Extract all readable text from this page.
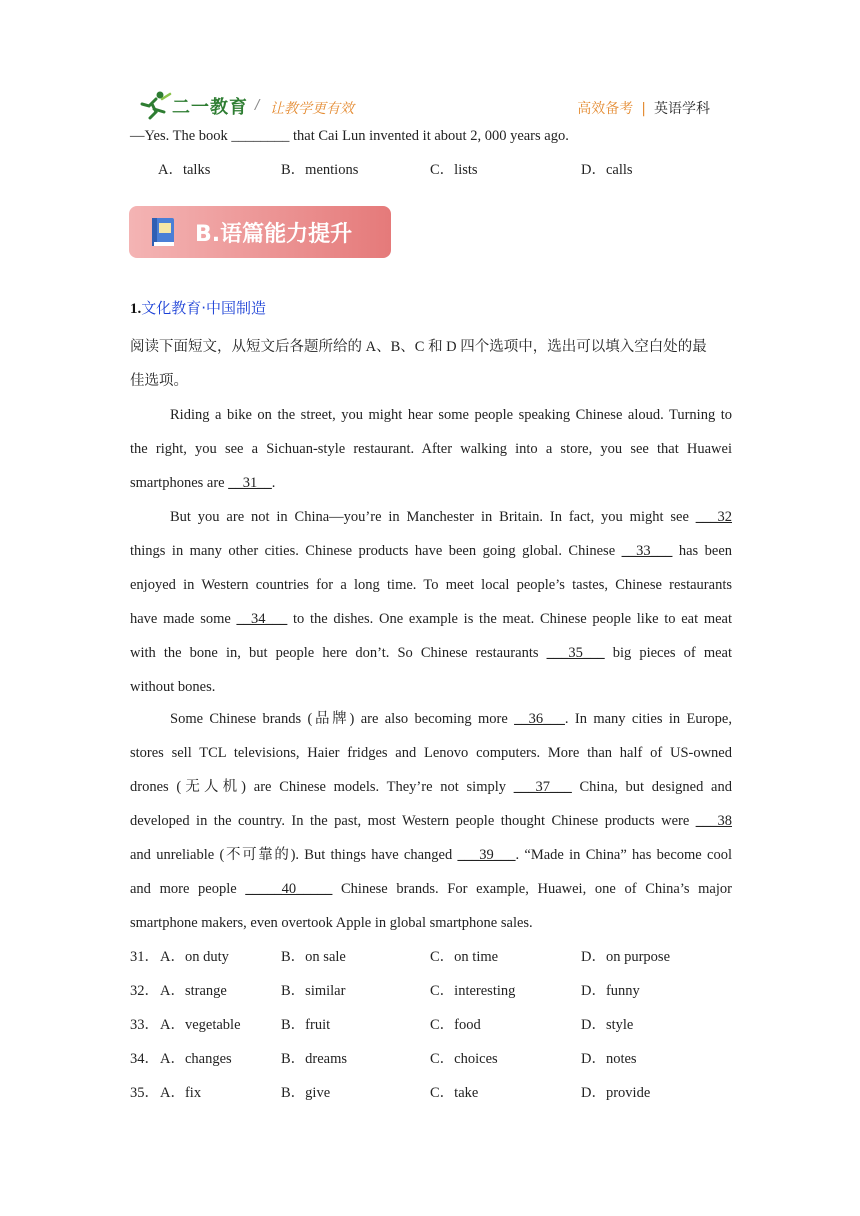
二一教育 / 让教学更有效	高效备考 | 英语学科
—Yes. The book ________ that Cai Lun invented it about 2, 000 years ago.
A．talks	B．mentions	C．lists	D．calls
B.语篇能力提升
1.文化教育·中国制造
阅读下面短文，从短文后各题所给的 A、B、C 和 D 四个选项中，选出可以填入空白处的最
佳选项。
Riding a bike on the street, you might hear some people speaking Chinese aloud. Turning to
the right, you see a Sichuan-style restaurant. After walking into a store, you see that Huawei
smartphones are __31__.
But you are not in China—you’re in Manchester in Britain. In fact, you might see ___32
things in many other cities. Chinese products have been going global. Chinese __33___ has been
enjoyed in Western countries for a long time. To meet local people’s tastes, Chinese restaurants
have made some __34___ to the dishes. One example is the meat. Chinese people like to eat meat
with the bone in, but people here don’t. So Chinese restaurants ___35___ big pieces of meat
without bones.
Some Chinese brands (品牌) are also becoming more __36___. In many cities in Europe,
stores sell TCL televisions, Haier fridges and Lenovo computers. More than half of US-owned
drones (无人机) are Chinese models. They’re not simply ___37___ China, but designed and
developed in the country. In the past, most Western people thought Chinese products were ___38
and unreliable (不可靠的). But things have changed ___39___. “Made in China” has become cool
and more people _____40_____ Chinese brands. For example, Huawei, one of China’s major
smartphone makers, even overtook Apple in global smartphone sales.
31． A．on duty	B．on sale	C．on time	D．on purpose
32． A．strange	B．similar	C．interesting	D．funny
33． A．vegetable	B．fruit	C．food	D．style
34． A．changes	B．dreams	C．choices	D．notes
35． A．fix	B．give	C．take	D．provide
